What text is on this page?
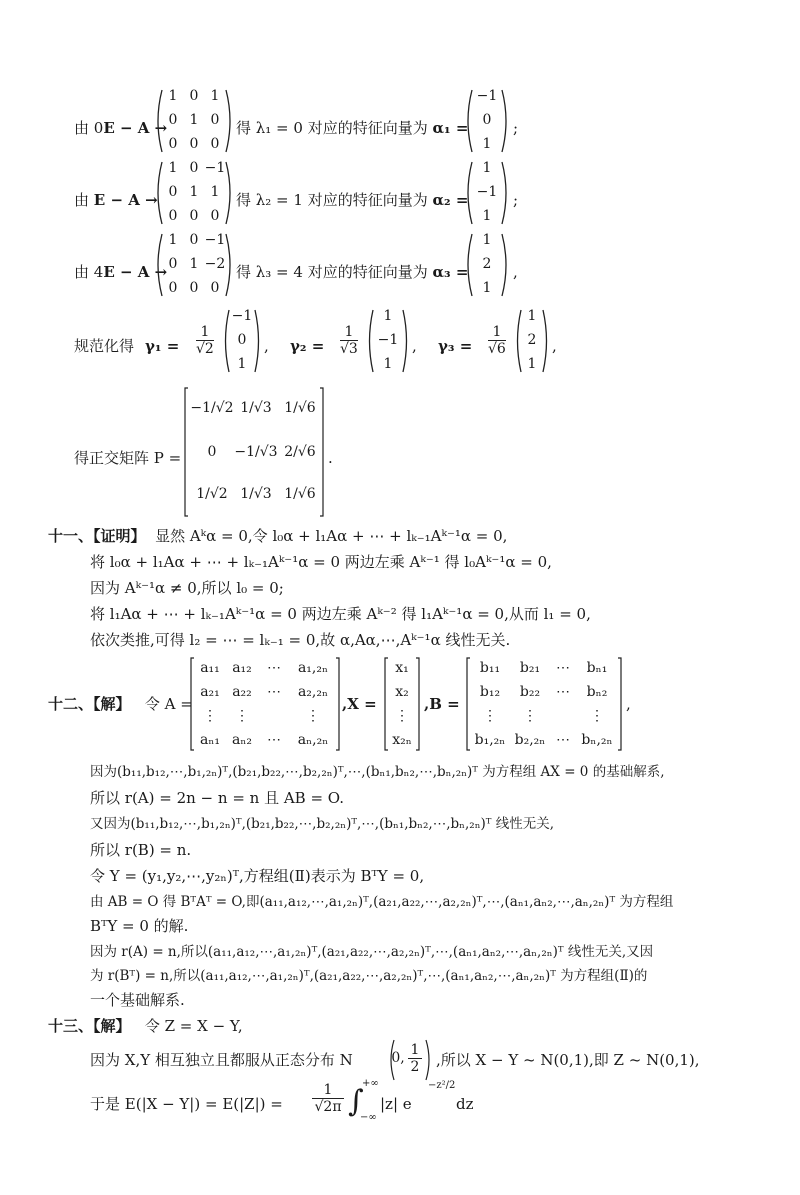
由 0E − A →
1 0 1
0 1 0
0 0 0
得 λ₁ = 0 对应的特征向量为 α₁ =
−1
0
1
;
由 E − A →
1 0 −1
0 1 1
0 0 0
得 λ₂ = 1 对应的特征向量为 α₂ =
1
−1
1
;
由 4E − A →
1 0 −1
0 1 −2
0 0 0
得 λ₃ = 4 对应的特征向量为 α₃ =
1
2
1
,
规范化得 $\gamma_1 = \frac{1}{√2}$
−1
0
1
, $\gamma_2 = \frac{1}{√3}$
1
−1
1
, $\gamma_3 = \frac{1}{√6}$
1
2
1
,
得正交矩阵 P =
−1/√2 1/√3 1/√6
0	−1/√3 2/√6
1/√2 1/√3 1/√6
.
十一、【证明】 显然 Aᵏα = 0,令 l₀α + l₁Aα + ⋯ + lₖ₋₁Aᵏ⁻¹α = 0,
将 l₀α + l₁Aα + ⋯ + lₖ₋₁Aᵏ⁻¹α = 0 两边左乘 Aᵏ⁻¹ 得 l₀Aᵏ⁻¹α = 0,
因为 Aᵏ⁻¹α ≠ 0,所以 l₀ = 0;
将 l₁Aα + ⋯ + lₖ₋₁Aᵏ⁻¹α = 0 两边左乘 Aᵏ⁻² 得 l₁Aᵏ⁻¹α = 0,从而 l₁ = 0,
依次类推,可得 l₂ = ⋯ = lₖ₋₁ = 0,故 α,Aα,⋯,Aᵏ⁻¹α 线性无关.
十二、【解】 令 A =
a₁₁ a₁₂	⋯	a₁,₂ₙ
a₂₁ a₂₂	⋯	a₂,₂ₙ
⋮	⋮	⋮
aₙ₁ aₙ₂	⋯	aₙ,₂ₙ
,X =
x₁
x₂
⋮
x₂ₙ
,B =
b₁₁	b₂₁	⋯	bₙ₁
b₁₂	b₂₂	⋯	bₙ₂
⋮	⋮	⋮
b₁,₂ₙ b₂,₂ₙ ⋯ bₙ,₂ₙ
,
因为(b₁₁,b₁₂,⋯,b₁,₂ₙ)ᵀ,(b₂₁,b₂₂,⋯,b₂,₂ₙ)ᵀ,⋯,(bₙ₁,bₙ₂,⋯,bₙ,₂ₙ)ᵀ 为方程组 AX = 0 的基础解系,
所以 r(A) = 2n − n = n 且 AB = O.
又因为(b₁₁,b₁₂,⋯,b₁,₂ₙ)ᵀ,(b₂₁,b₂₂,⋯,b₂,₂ₙ)ᵀ,⋯,(bₙ₁,bₙ₂,⋯,bₙ,₂ₙ)ᵀ 线性无关,
所以 r(B) = n.
令 Y = (y₁,y₂,⋯,y₂ₙ)ᵀ,方程组(Ⅱ)表示为 BᵀY = 0,
由 AB = O 得 BᵀAᵀ = O,即(a₁₁,a₁₂,⋯,a₁,₂ₙ)ᵀ,(a₂₁,a₂₂,⋯,a₂,₂ₙ)ᵀ,⋯,(aₙ₁,aₙ₂,⋯,aₙ,₂ₙ)ᵀ 为方程组
BᵀY = 0 的解.
因为 r(A) = n,所以(a₁₁,a₁₂,⋯,a₁,₂ₙ)ᵀ,(a₂₁,a₂₂,⋯,a₂,₂ₙ)ᵀ,⋯,(aₙ₁,aₙ₂,⋯,aₙ,₂ₙ)ᵀ 线性无关,又因
为 r(Bᵀ) = n,所以(a₁₁,a₁₂,⋯,a₁,₂ₙ)ᵀ,(a₂₁,a₂₂,⋯,a₂,₂ₙ)ᵀ,⋯,(aₙ₁,aₙ₂,⋯,aₙ,₂ₙ)ᵀ 为方程组(Ⅱ)的
一个基础解系.
十三、【解】 令 Z = X − Y,
因为 X,Y 相互独立且都服从正态分布 N	0, $\frac{1}{2}$ ,所以 X − Y ~ N(0,1),即 Z ~ N(0,1),
于是 $E(|X - Y|) = E(|Z|) = \frac{1}{√2\pi}$ ∫
+∞
−∞
|z| e
−z²/2
dz
